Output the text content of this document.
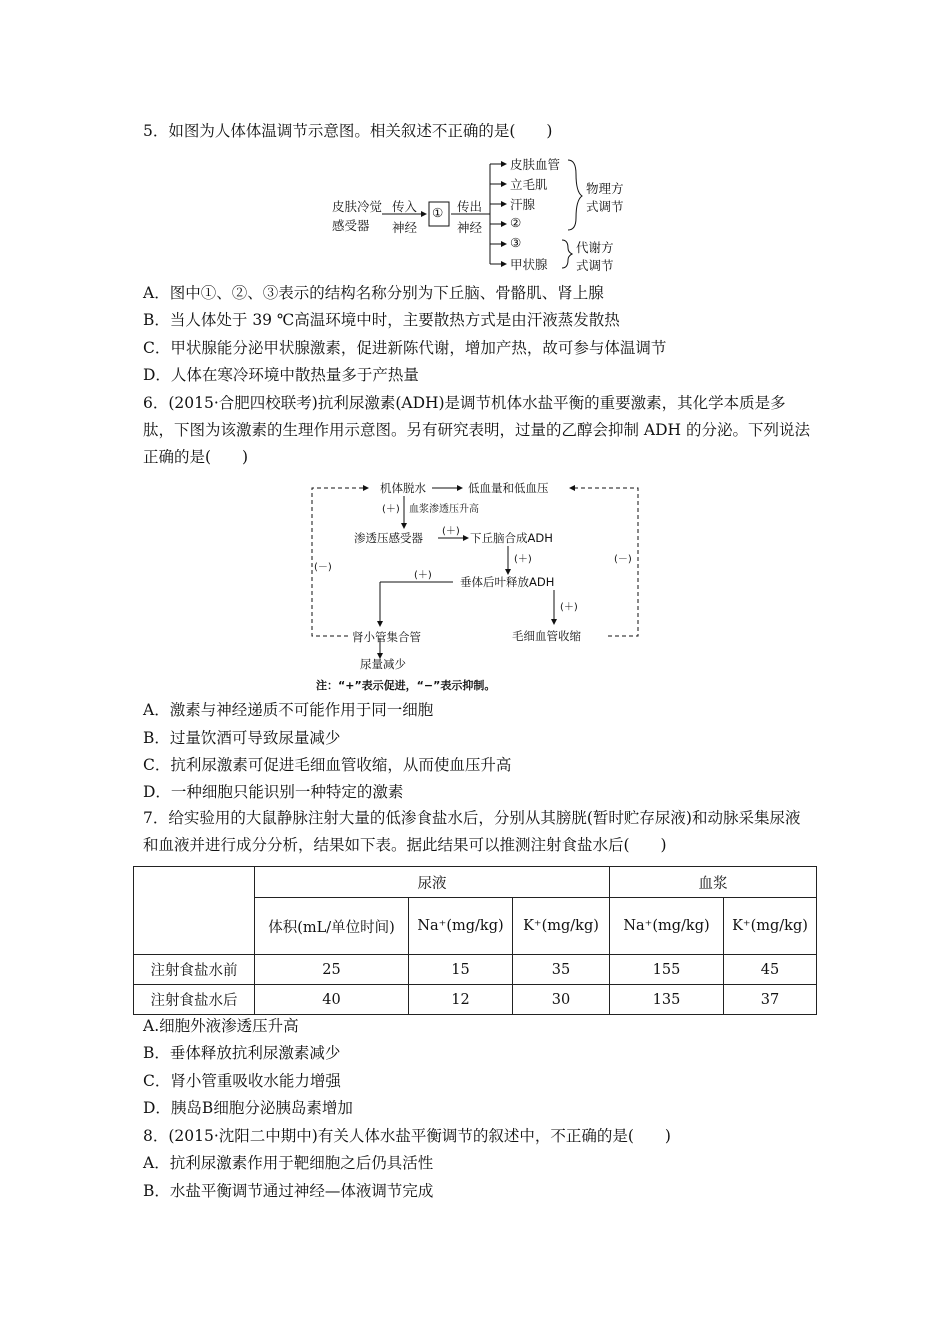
5．如图为人体体温调节示意图。相关叙述不正确的是(　　)
皮肤冷觉
感受器
传入
神经
① 传出
神经
皮肤血管
立毛肌
汗腺
②
③
甲状腺
物理方
式调节
代谢方
式调节
A．图中①、②、③表示的结构名称分别为下丘脑、骨骼肌、肾上腺
B．当人体处于 39 ℃高温环境中时，主要散热方式是由汗液蒸发散热
C．甲状腺能分泌甲状腺激素，促进新陈代谢，增加产热，故可参与体温调节
D．人体在寒冷环境中散热量多于产热量
6．(2015·合肥四校联考)抗利尿激素(ADH)是调节机体水盐平衡的重要激素，其化学本质是多肽，下图为该激素的生理作用示意图。另有研究表明，过量的乙醇会抑制 ADH 的分泌。下列说法正确的是(　　)
机体脱水	低血量和低血压
(＋) 血浆渗透压升高
渗透压感受器 (＋) 下丘脑合成ADH
(＋)
(＋) 垂体后叶释放ADH
(＋)
(－)
(－)
肾小管集合管	毛细血管收缩
尿量减少
注：“+”表示促进，“−”表示抑制。
A．激素与神经递质不可能作用于同一细胞
B．过量饮酒可导致尿量减少
C．抗利尿激素可促进毛细血管收缩，从而使血压升高
D．一种细胞只能识别一种特定的激素
7．给实验用的大鼠静脉注射大量的低渗食盐水后，分别从其膀胱(暂时贮存尿液)和动脉采集尿液和血液并进行成分分析，结果如下表。据此结果可以推测注射食盐水后(　　)
	尿液			血浆	
	体积(mL/单位时间)	Na⁺(mg/kg)	K⁺(mg/kg)	Na⁺(mg/kg)	K⁺(mg/kg)
注射食盐水前	25	15	35	155	45
注射食盐水后	40	12	30	135	37
A.细胞外液渗透压升高
B．垂体释放抗利尿激素减少
C．肾小管重吸收水能力增强
D．胰岛B细胞分泌胰岛素增加
8．(2015·沈阳二中期中)有关人体水盐平衡调节的叙述中，不正确的是(　　)
A．抗利尿激素作用于靶细胞之后仍具活性
B．水盐平衡调节通过神经—体液调节完成
